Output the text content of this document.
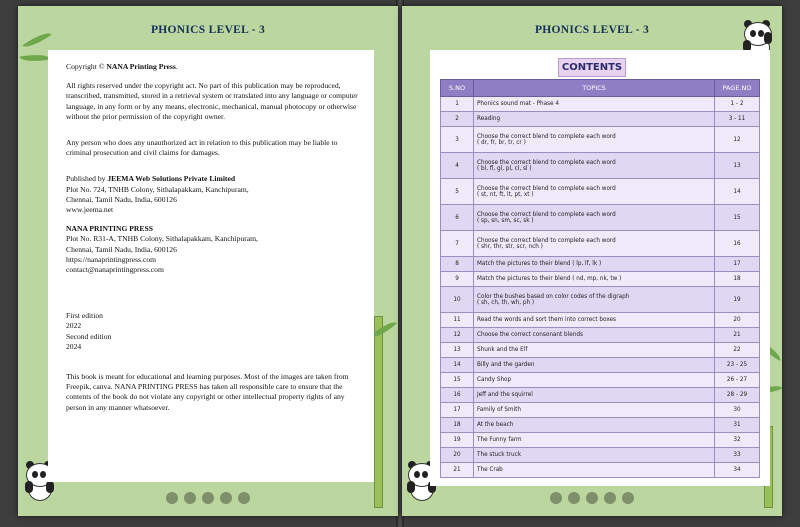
PHONICS LEVEL - 3

Copyright © NANA Printing Press.

All rights reserved under the copyright act. No part of this publication may be reproduced, transcribed, transmitted, stored in a retrieval system or translated into any language or computer language, in any form or by any means, electronic, mechanical, manual photocopy or otherwise without the prior permission of the copyright owner.

Any person who does any unauthorized act in relation to this publication may be liable to criminal prosecution and civil claims for damages.

Published by JEEMA Web Solutions Private Limited

Plot No. 724, TNHB Colony, Sithalapakkam, Kanchipuram,

Chennai, Tamil Nadu, India, 600126

www.jeema.net

NANA PRINTING PRESS

Plot No. R31-A, TNHB Colony, Sithalapakkam, Kanchipuram,

Chennai, Tamil Nadu, India, 600126

https://nanaprintingpress.com

contact@nanaprintingpress.com

First edition

2022

Second edition

2024

This book is meant for educational and learning purposes. Most of the images are taken from Freepik, canva. NANA PRINTING PRESS has taken all responsible care to ensure that the contents of the book do not violate any copyright or other intellectual property rights of any person in any manner whatsoever.

PHONICS LEVEL - 3
CONTENTS
S.NO	TOPICS	PAGE.NO
1	Phonics sound mat - Phase 4	1 - 2
2	Reading	3 - 11
3	Choose the correct blend to complete each word
( dr, fr, br, tr, cr )	12
4	Choose the correct blend to complete each word
( bl, fl, gl, pl, cl, sl )	13
5	Choose the correct blend to complete each word
( st, nt, ft, lt, pt, xt )	14
6	Choose the correct blend to complete each word
( sp, sn, sm, sc, sk )	15
7	Choose the correct blend to complete each word
( shr, thr, str, scr, nch )	16
8	Match the pictures to their blend ( lp, lf, lk )	17
9	Match the pictures to their blend ( nd, mp, nk, tw )	18
10	Color the bushes based on color codes of the digraph
( sh, ch, th, wh, ph )	19
11	Read the words and sort them into correct boxes	20
12	Choose the correct consonant blends	21
13	Shunk and the Elf	22
14	Billy and the garden	23 - 25
15	Candy Shop	26 - 27
16	Jeff and the squirrel	28 - 29
17	Family of Smith	30
18	At the beach	31
19	The Funny farm	32
20	The stuck truck	33
21	The Crab	34
